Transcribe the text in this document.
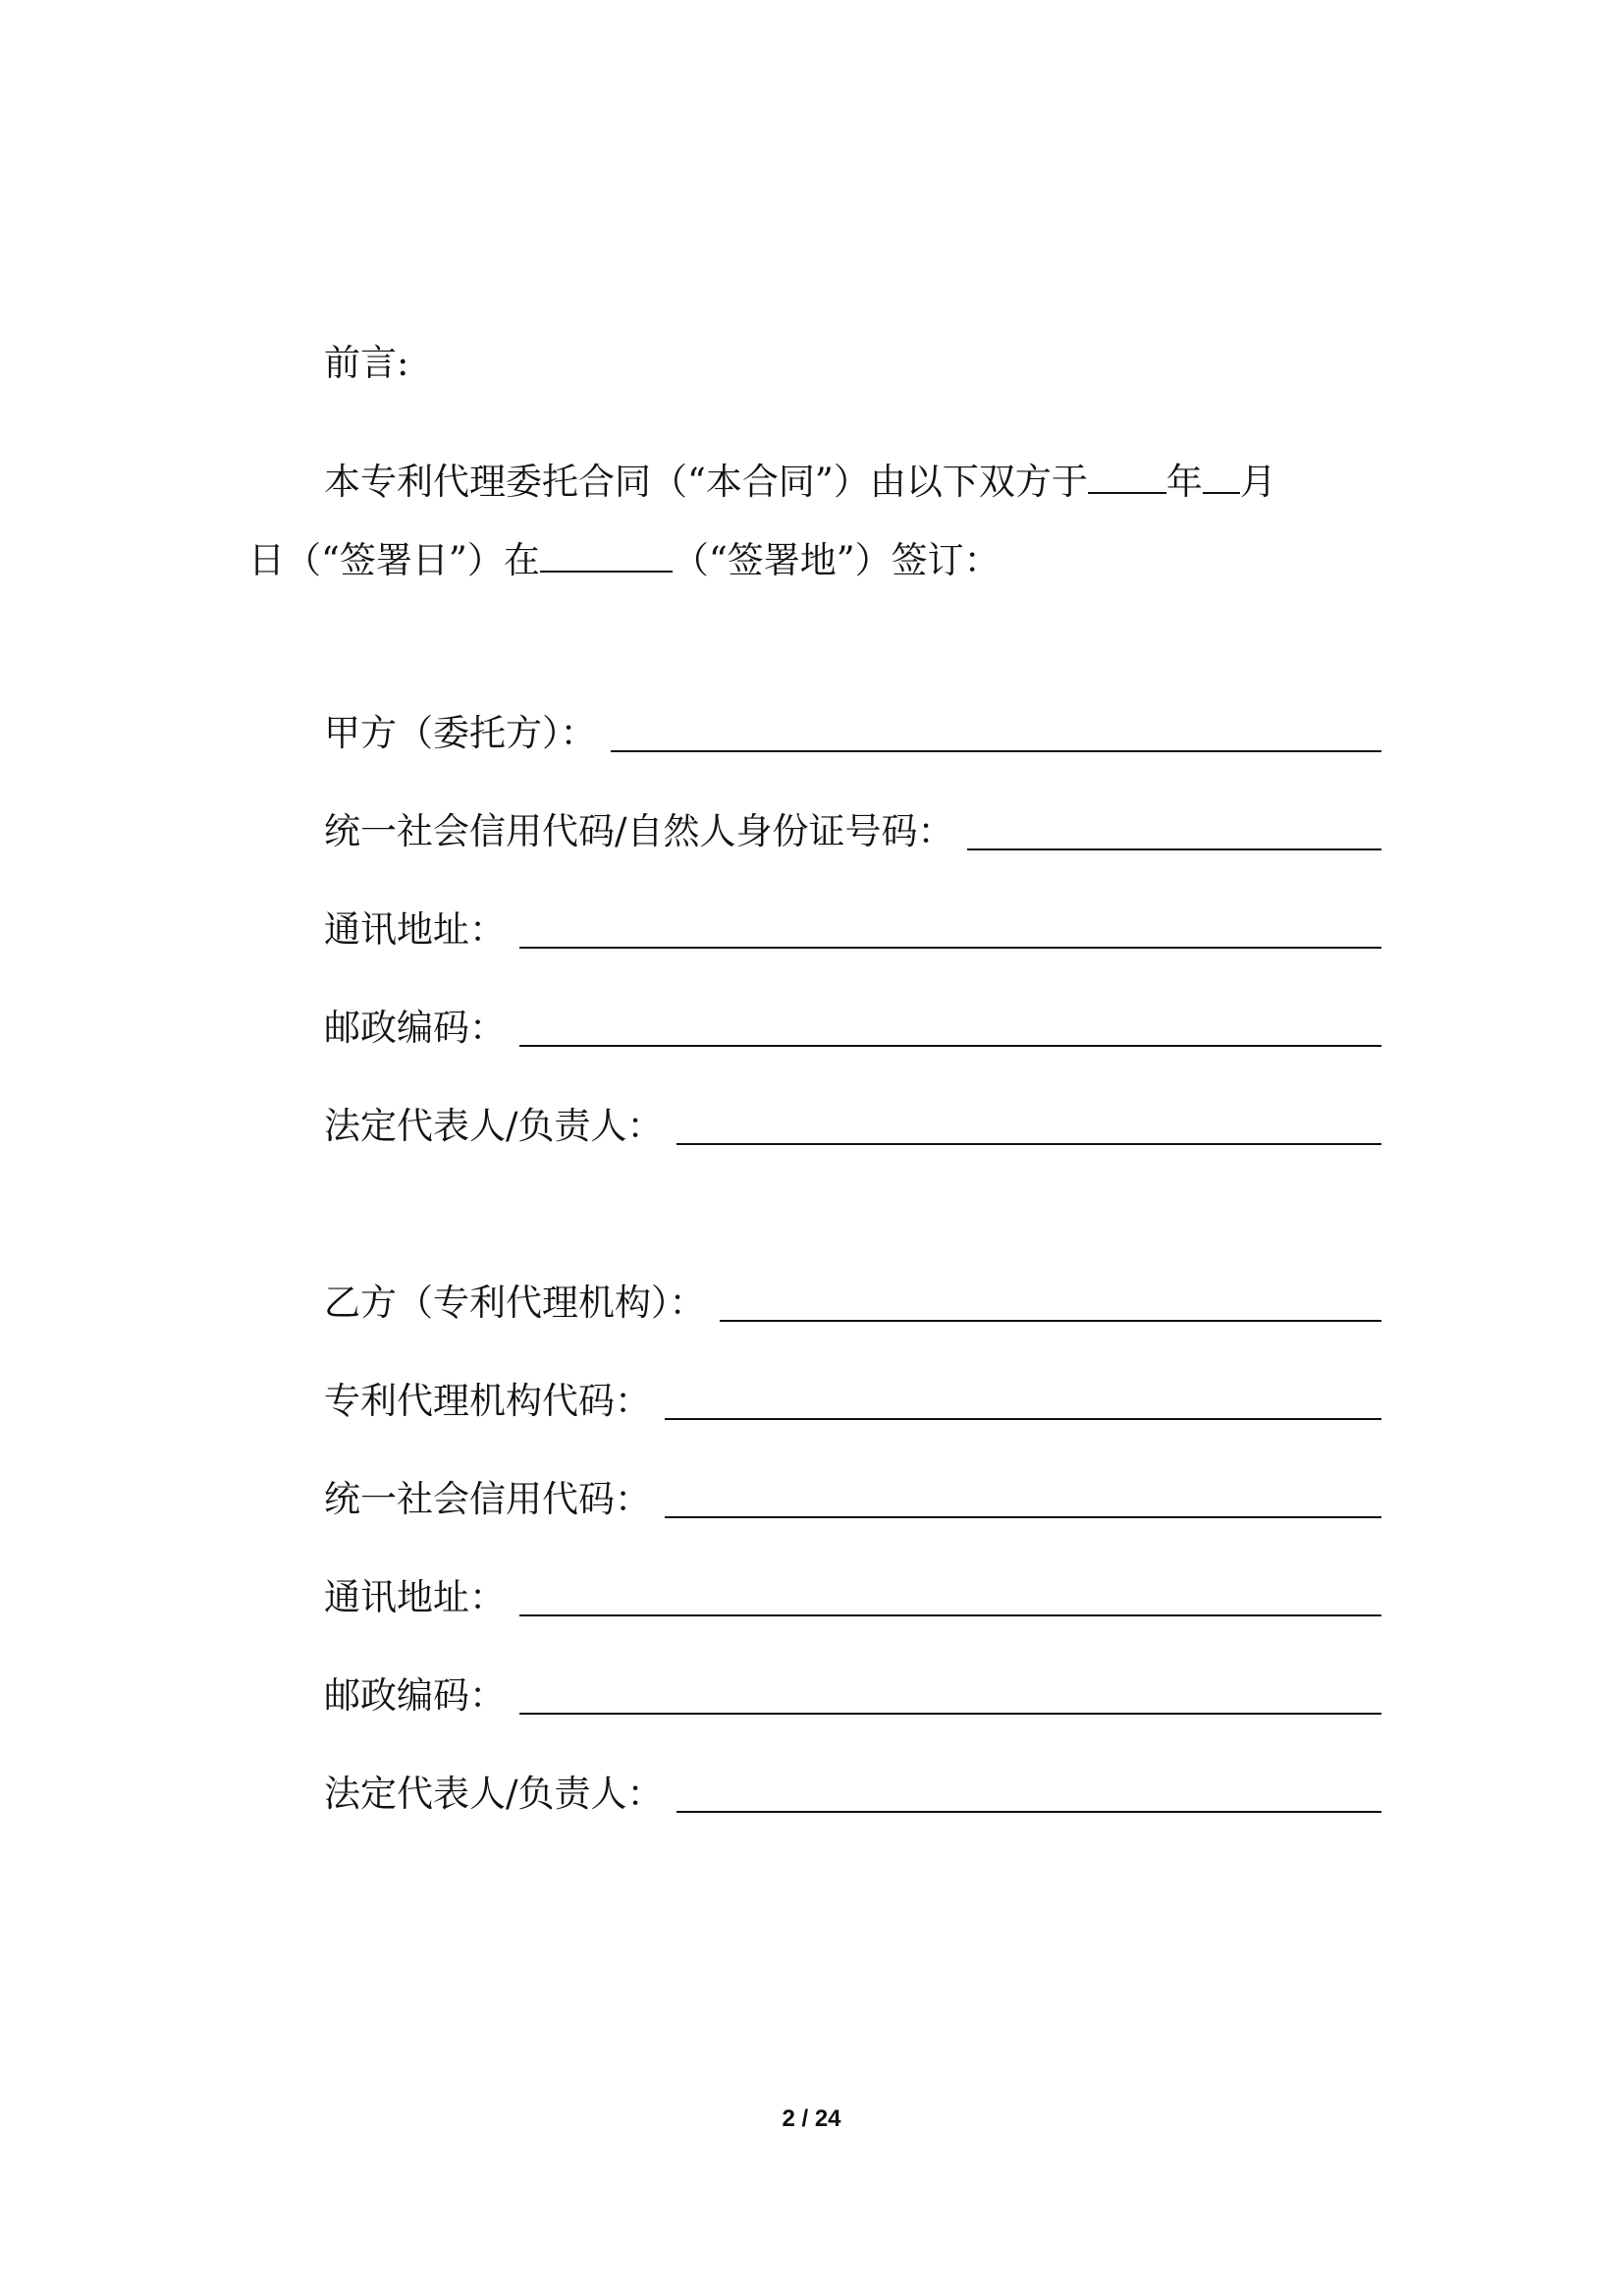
前言:
本专利代理委托合同（“本合同”）由以下双方于 年 月
日（“签署日”）在	（“签署地”）签订：
甲方（委托方）：
统一社会信用代码/自然人身份证号码：
通讯地址：
邮政编码：
法定代表人/负责人：
乙方（专利代理机构）：
专利代理机构代码：
统一社会信用代码：
通讯地址：
邮政编码：
法定代表人/负责人：
2 / 24
